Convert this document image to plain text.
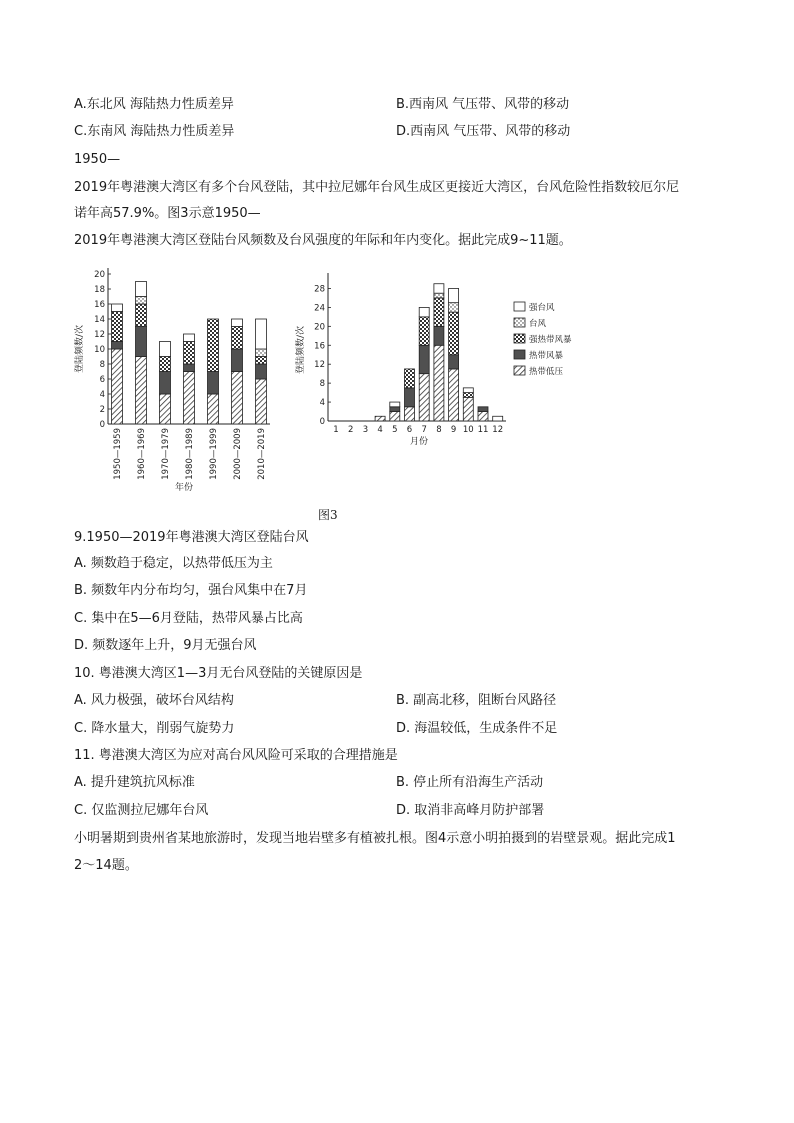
A.东北风 海陆热力性质差异	B.西南风 气压带、风带的移动
C.东南风 海陆热力性质差异	D.西南风 气压带、风带的移动
1950—
2019年粤港澳大湾区有多个台风登陆，其中拉尼娜年台风生成区更接近大湾区，台风危险性指数较厄尔尼
诺年高57.9%。图3示意1950—
2019年粤港澳大湾区登陆台风频数及台风强度的年际和年内变化。据此完成9~11题。
0
2
4
6
8
10
12
14
16
18
20
登陆频数/次
1950—1959 1960—1969 1970—1979 1980—1989 1990—1999 2000—2009 2010—2019
年份
0
4
8
12
16
20
24
28
登陆频数/次
1 2 3 4 5 6 7 8 9 10 11 12
月份
强台风
台风
强热带风暴
热带风暴
热带低压
图3
9.1950—2019年粤港澳大湾区登陆台风
A. 频数趋于稳定，以热带低压为主
B. 频数年内分布均匀，强台风集中在7月
C. 集中在5—6月登陆，热带风暴占比高
D. 频数逐年上升，9月无强台风
10. 粤港澳大湾区1—3月无台风登陆的关键原因是
A. 风力极强，破坏台风结构	B. 副高北移，阻断台风路径
C. 降水量大，削弱气旋势力	D. 海温较低，生成条件不足
11. 粤港澳大湾区为应对高台风风险可采取的合理措施是
A. 提升建筑抗风标准	B. 停止所有沿海生产活动
C. 仅监测拉尼娜年台风	D. 取消非高峰月防护部署
小明暑期到贵州省某地旅游时，发现当地岩壁多有植被扎根。图4示意小明拍摄到的岩壁景观。据此完成1
2～14题。
